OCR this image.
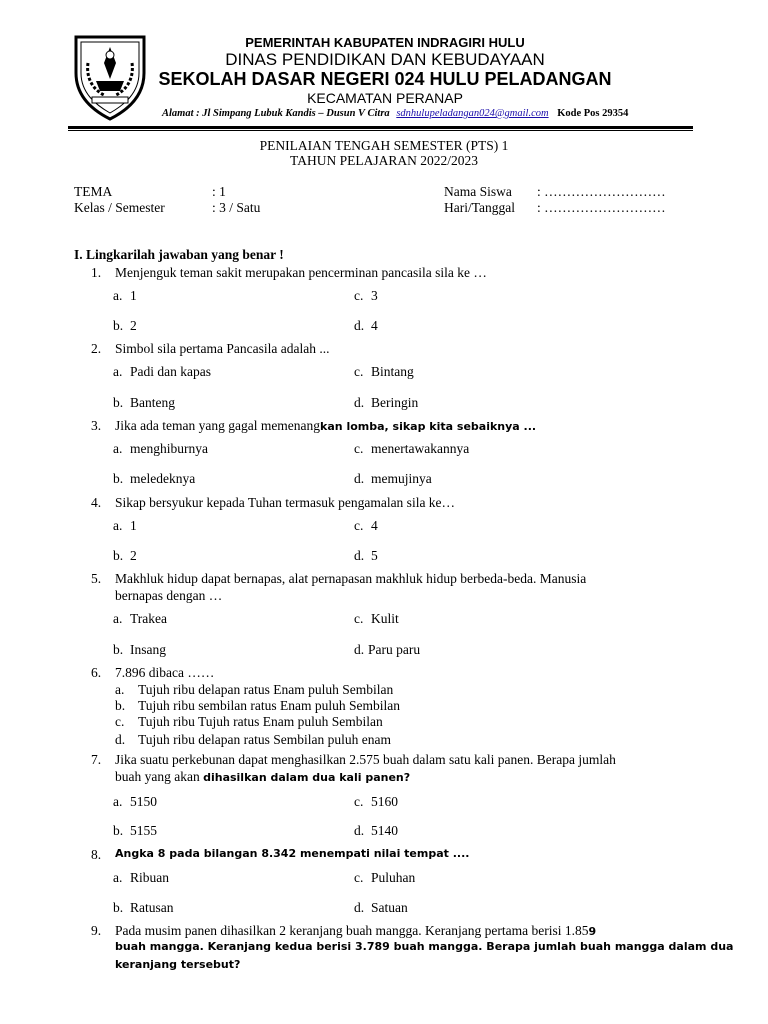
PEMERINTAH KABUPATEN INDRAGIRI HULU
DINAS PENDIDIKAN DAN KEBUDAYAAN
SEKOLAH DASAR NEGERI 024 HULU PELADANGAN
KECAMATAN PERANAP
Alamat : Jl Simpang Lubuk Kandis – Dusun V Citra sdnhulupeladangan024@gmail.com Kode Pos 29354
PENILAIAN TENGAH SEMESTER (PTS) 1
TAHUN PELAJARAN 2022/2023
TEMA	: 1
Kelas / Semester	: 3 / Satu
Nama Siswa : ………………………
Hari/Tanggal : ………………………
I. Lingkarilah jawaban yang benar !
1. Menjenguk teman sakit merupakan pencerminan pancasila sila ke …
a. 1	c. 3
b. 2	d. 4
2. Simbol sila pertama Pancasila adalah ...
a. Padi dan kapas	c. Bintang
b. Banteng	d. Beringin
3. Jika ada teman yang gagal memenangkan lomba, sikap kita sebaiknya ...
a. menghiburnya	c. menertawakannya
b. meledeknya	d. memujinya
4. Sikap bersyukur kepada Tuhan termasuk pengamalan sila ke…
a. 1	c. 4
b. 2	d. 5
5. Makhluk hidup dapat bernapas, alat pernapasan makhluk hidup berbeda-beda. Manusia
bernapas dengan …
a. Trakea	c. Kulit
b. Insang	d. Paru paru
6. 7.896 dibaca ……
a. Tujuh ribu delapan ratus Enam puluh Sembilan
b. Tujuh ribu sembilan ratus Enam puluh Sembilan
c. Tujuh ribu Tujuh ratus Enam puluh Sembilan
d. Tujuh ribu delapan ratus Sembilan puluh enam
7. Jika suatu perkebunan dapat menghasilkan 2.575 buah dalam satu kali panen. Berapa jumlah
buah yang akan dihasilkan dalam dua kali panen?
a. 5150	c. 5160
b. 5155	d. 5140
8. Angka 8 pada bilangan 8.342 menempati nilai tempat ....
a. Ribuan	c. Puluhan
b. Ratusan	d. Satuan
9. Pada musim panen dihasilkan 2 keranjang buah mangga. Keranjang pertama berisi 1.859
buah mangga. Keranjang kedua berisi 3.789 buah mangga. Berapa jumlah buah mangga dalam dua
keranjang tersebut?
